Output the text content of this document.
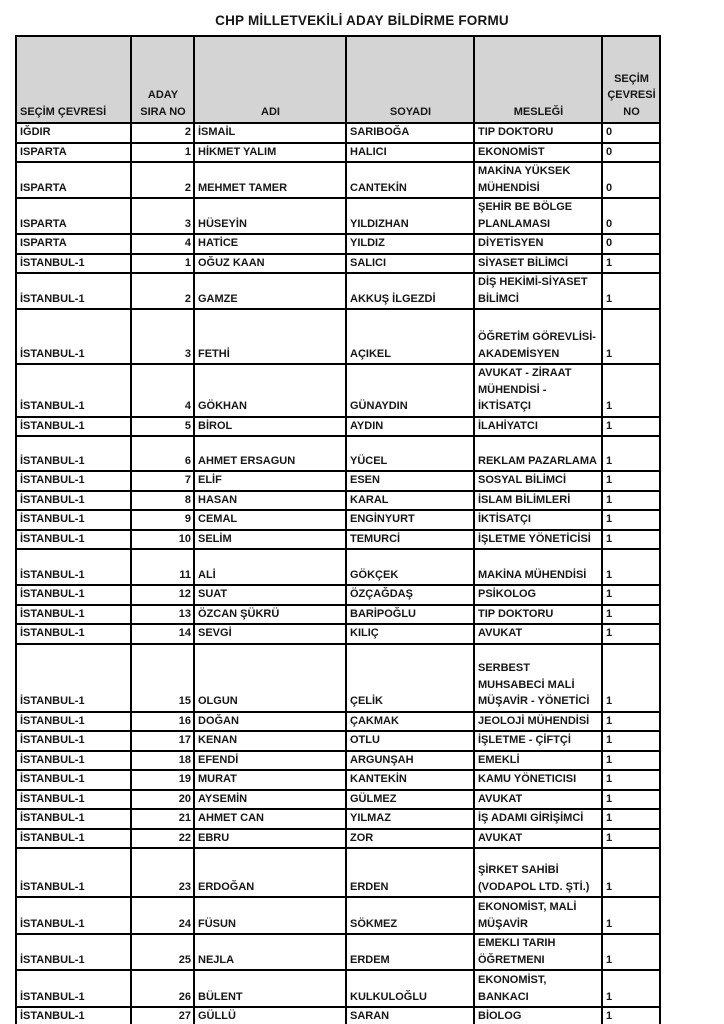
CHP MİLLETVEKİLİ ADAY BİLDİRME FORMU
SEÇİM ÇEVRESİ	ADAY SIRA NO	ADI	SOYADI	MESLEĞİ	SEÇİM ÇEVRESİ NO
IĞDIR	2	İSMAİL	SARIBOĞA	TIP DOKTORU	0
ISPARTA	1	HİKMET YALIM	HALICI	EKONOMİST	0
ISPARTA	2	MEHMET TAMER	CANTEKİN	MAKİNA YÜKSEK MÜHENDİSİ	0
ISPARTA	3	HÜSEYİN	YILDIZHAN	ŞEHİR BE BÖLGE PLANLAMASI	0
ISPARTA	4	HATİCE	YILDIZ	DİYETİSYEN	0
İSTANBUL-1	1	OĞUZ KAAN	SALICI	SİYASET BİLİMCİ	1
İSTANBUL-1	2	GAMZE	AKKUŞ İLGEZDİ	DİŞ HEKİMİ-SİYASET BİLİMCİ	1
İSTANBUL-1	3	FETHİ	AÇIKEL	ÖĞRETİM GÖREVLİSİ-AKADEMİSYEN	1
İSTANBUL-1	4	GÖKHAN	GÜNAYDIN	AVUKAT - ZİRAAT MÜHENDİSİ - İKTİSATÇI	1
İSTANBUL-1	5	BİROL	AYDIN	İLAHİYATCI	1
İSTANBUL-1	6	AHMET ERSAGUN	YÜCEL	REKLAM PAZARLAMA	1
İSTANBUL-1	7	ELİF	ESEN	SOSYAL BİLİMCİ	1
İSTANBUL-1	8	HASAN	KARAL	İSLAM BİLİMLERİ	1
İSTANBUL-1	9	CEMAL	ENGİNYURT	İKTİSATÇI	1
İSTANBUL-1	10	SELİM	TEMURCİ	İŞLETME YÖNETİCİSİ	1
İSTANBUL-1	11	ALİ	GÖKÇEK	MAKİNA MÜHENDİSİ	1
İSTANBUL-1	12	SUAT	ÖZÇAĞDAŞ	PSİKOLOG	1
İSTANBUL-1	13	ÖZCAN ŞÜKRÜ	BARİPOĞLU	TIP DOKTORU	1
İSTANBUL-1	14	SEVGİ	KILIÇ	AVUKAT	1
İSTANBUL-1	15	OLGUN	ÇELİK	SERBEST MUHSABECİ MALİ MÜŞAVİR - YÖNETİCİ	1
İSTANBUL-1	16	DOĞAN	ÇAKMAK	JEOLOJİ MÜHENDİSİ	1
İSTANBUL-1	17	KENAN	OTLU	İŞLETME - ÇİFTÇİ	1
İSTANBUL-1	18	EFENDİ	ARGUNŞAH	EMEKLİ	1
İSTANBUL-1	19	MURAT	KANTEKİN	KAMU YÖNETICISI	1
İSTANBUL-1	20	AYSEMİN	GÜLMEZ	AVUKAT	1
İSTANBUL-1	21	AHMET CAN	YILMAZ	İŞ ADAMI GİRİŞİMCİ	1
İSTANBUL-1	22	EBRU	ZOR	AVUKAT	1
İSTANBUL-1	23	ERDOĞAN	ERDEN	ŞİRKET SAHİBİ (VODAPOL LTD. ŞTİ.)	1
İSTANBUL-1	24	FÜSUN	SÖKMEZ	EKONOMİST, MALİ MÜŞAVİR	1
İSTANBUL-1	25	NEJLA	ERDEM	EMEKLI TARIH ÖĞRETMENI	1
İSTANBUL-1	26	BÜLENT	KULKULOĞLU	EKONOMİST, BANKACI	1
İSTANBUL-1	27	GÜLLÜ	SARAN	BİOLOG	1
